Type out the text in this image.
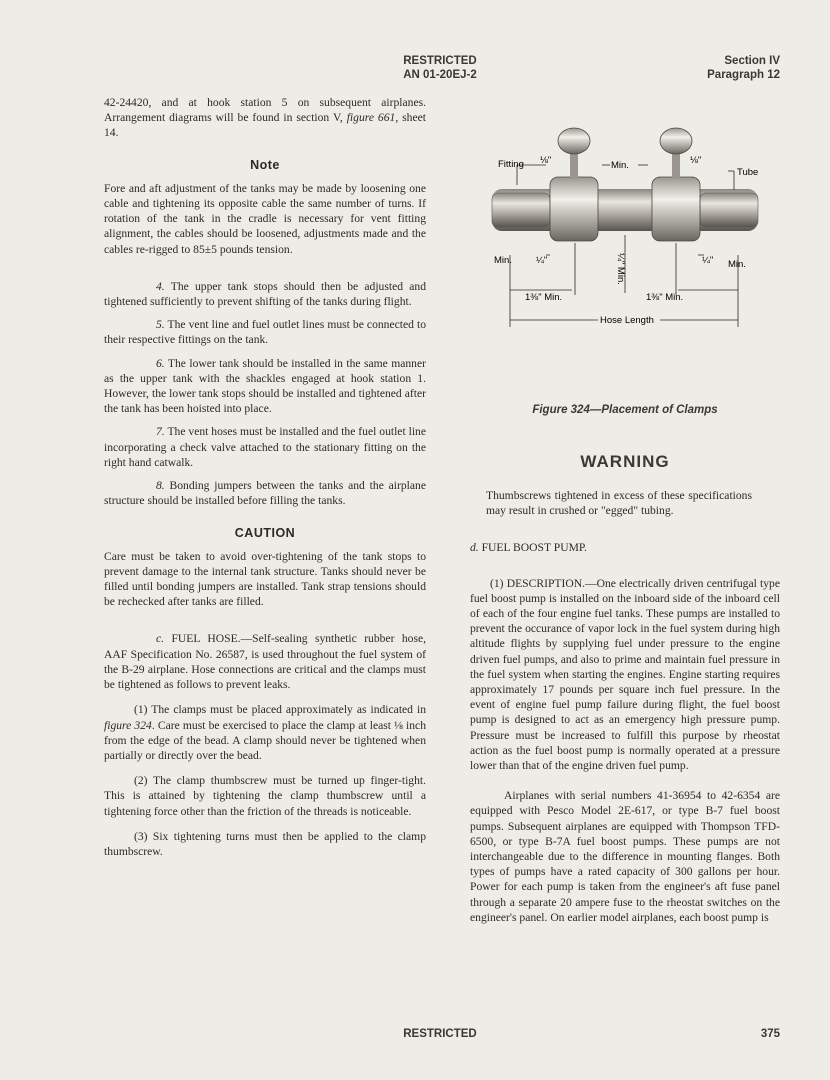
RESTRICTED
AN 01-20EJ-2
Section IV
Paragraph 12

42-24420, and at hook station 5 on subsequent airplanes. Arrangement diagrams will be found in section V, figure 661, sheet 14.

Note

Fore and aft adjustment of the tanks may be made by loosening one cable and tightening its opposite cable the same number of turns. If rotation of the tank in the cradle is necessary for vent fitting alignment, the cables should be loosened, adjustments made and the cables re-rigged to 85±5 pounds tension.

4. The upper tank stops should then be adjusted and tightened sufficiently to prevent shifting of the tanks during flight.

5. The vent line and fuel outlet lines must be connected to their respective fittings on the tank.

6. The lower tank should be installed in the same manner as the upper tank with the shackles engaged at hook station 1. However, the lower tank stops should be installed and tightened after the tank has been hoisted into place.

7. The vent hoses must be installed and the fuel outlet line incorporating a check valve attached to the stationary fitting on the right hand catwalk.

8. Bonding jumpers between the tanks and the airplane structure should be installed before filling the tanks.

CAUTION

Care must be taken to avoid over-tightening of the tank stops to prevent damage to the internal tank structure. Tanks should never be filled until bonding jumpers are installed. Tank strap tensions should be rechecked after tanks are filled.

c. FUEL HOSE.—Self-sealing synthetic rubber hose, AAF Specification No. 26587, is used throughout the fuel system of the B-29 airplane. Hose connections are critical and the clamps must be tightened as follows to prevent leaks.

(1) The clamps must be placed approximately as indicated in figure 324. Care must be exercised to place the clamp at least ⅛ inch from the edge of the bead. A clamp should never be tightened when partially or directly over the bead.

(2) The clamp thumbscrew must be turned up finger-tight. This is attained by tightening the clamp thumbscrew until a tightening force other than the friction of the threads is noticeable.

(3) Six tightening turns must then be applied to the clamp thumbscrew.

Fitting ⅛"	Min.	⅛"
Tube
Min.	¼"	¼" Min.	¼" Min.
1⅜" Min.	1⅜" Min.
Hose Length
Figure 324—Placement of Clamps
WARNING

Thumbscrews tightened in excess of these specifications may result in crushed or "egged" tubing.

d. FUEL BOOST PUMP.

(1) DESCRIPTION.—One electrically driven centrifugal type fuel boost pump is installed on the inboard side of the inboard cell of each of the four engine fuel tanks. These pumps are installed to prevent the occurance of vapor lock in the fuel system during high altitude flights by supplying fuel under pressure to the engine driven fuel pumps, and also to prime and maintain fuel pressure in the fuel system when starting the engines. Engine starting requires approximately 17 pounds per square inch fuel pressure. In the event of engine fuel pump failure during flight, the fuel boost pump is designed to act as an emergency high pressure pump. Pressure must be increased to fulfill this purpose by rheostat action as the fuel boost pump is normally operated at a pressure lower than that of the engine driven fuel pump.

Airplanes with serial numbers 41-36954 to 42-6354 are equipped with Pesco Model 2E-617, or type B-7 fuel boost pumps. Subsequent airplanes are equipped with Thompson TFD-6500, or type B-7A fuel boost pumps. These pumps are not interchangeable due to the difference in mounting flanges. Both types of pumps have a rated capacity of 300 gallons per hour. Power for each pump is taken from the engineer's aft fuse panel through a separate 20 ampere fuse to the rheostat switches on the engineer's panel. On earlier model airplanes, each boost pump is

RESTRICTED	375
